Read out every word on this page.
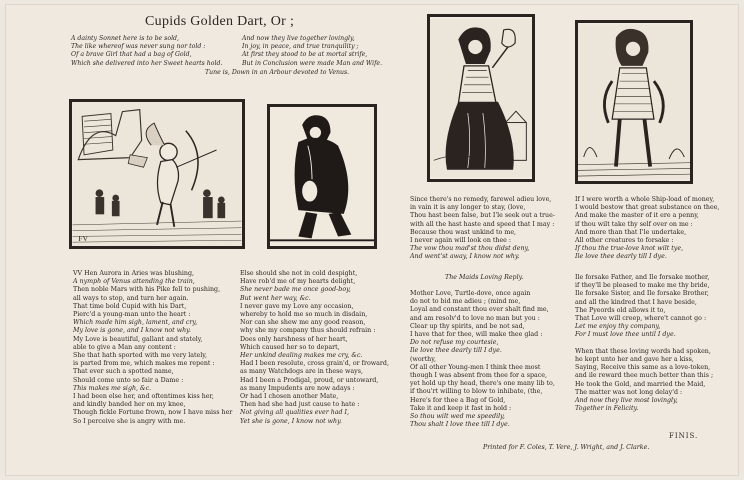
Cupids Golden Dart, Or ;
A dainty Sonnet here is to be sold,
The like whereof was never sung nor told :
Of a brave Girl that had a bag of Gold,
Which she delivered into her Sweet hearts hold.
And now they live together lovingly,
In joy, in peace, and true tranquility ;
At first they stood to be at mortal strife,
But in Conclusion were made Man and Wife.
Tune is, Down in an Arbour devoted to Venus.
FV
VV Hen Aurora in Aries was blushing,
A nymph of Venus attending the train,
Then noble Mars with his Pike fell to pushing,
all ways to stop, and turn her again.
That time bold Cupid with his Dart,
Pierc'd a young-man unto the heart :
Which made him sigh, lament, and cry,
My love is gone, and I know not why.
My Love is beautiful, gallant and stately,
able to give a Man any content :
She that hath sported with me very lately,
is parted from me, which makes me repent :
That ever such a spotted name,
Should come unto so fair a Dame :
This makes me sigh, &c.
I had been else her, and oftentimes kiss her,
and kindly banded her on my knee,
Though fickle Fortune frown, now I have miss her
So I perceive she is angry with me.
Else should she not in cold despight,
Have rob'd me of my hearts delight,
She never bade me once good-boy,
But went her way, &c.
I never gave my Love any occasion,
whereby to hold me so much in disdain,
Nor can she shew me any good reason,
why she my company thus should refrain :
Does only harshness of her heart,
Which caused her so to depart,
Her unkind dealing makes me cry, &c.
Had I been resolute, cross grain'd, or froward,
as many Watchdogs are in these ways,
Had I been a Prodigal, proud, or untoward,
as many Impudents are now adays :
Or had I chosen another Mate,
Then had she had just cause to hate :
Not giving all qualities ever had I,
Yet she is gone, I know not why.
Since there's no remedy, farewel adieu love,
in vain it is any longer to stay, (love,
Thou hast been false, but I'le seek out a true-
with all the hast haste and speed that I may :
Because thou wast unkind to me,
I never again will look on thee :
The vow thou mad'st thou didst deny,
And went'st away, I know not why.
The Maids Loving Reply.
Mother Love, Turtle-dove, once again
do not to bid me adieu ; (mind me,
Loyal and constant thou ever shalt find me,
and am resolv'd to love no man but you :
Clear up thy spirits, and be not sad,
I have that for thee, will make thee glad :
Do not refuse my courtesie,
Ile love thee dearly till I dye.
(worthy,
Of all other Young-men I think thee most
though I was absent from thee for a space,
yet hold up thy head, there's one many lib to,
if thou'rt willing to blow to inhibate, (the,
Here's for thee a Bag of Gold,
Take it and keep it fast in hold :
So thou wilt wed me speedily,
Thou shalt I love thee till I dye.
If I were worth a whole Ship-load of money,
I would bestow that great substance on thee,
And make the master of it ere a penny,
if thou wilt take thy self over on me :
And more than that I'le undertake,
All other creatures to forsake :
If thou the true-love knot wilt tye,
Ile love thee dearly till I dye.
Ile forsake Father, and Ile forsake mother,
if they'll be pleased to make me thy bride,
Ile forsake Sister, and Ile forsake Brother,
and all the kindred that I have beside,
The Pyeords old allows it to,
That Love will creep, where't cannot go :
Let me enjoy thy company,
For I must love thee until I dye.
When that these loving words had spoken,
he kept unto her and gave her a kiss,
Saying, Receive this same as a love-token,
and ile reward thee much better than this ;
He took the Gold, and married the Maid,
The matter was not long delay'd :
And now they live most lovingly,
Together in Felicity.
FINIS.
Printed for F. Coles, T. Vere, J. Wright, and J. Clarke.
